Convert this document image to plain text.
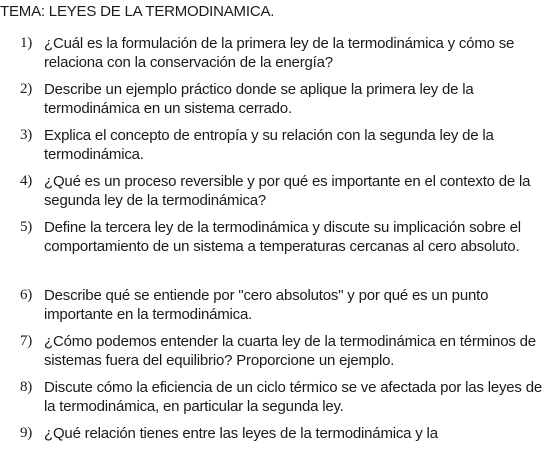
TEMA: LEYES DE LA TERMODINAMICA.
1) ¿Cuál es la formulación de la primera ley de la termodinámica y cómo se relaciona con la conservación de la energía?
2) Describe un ejemplo práctico donde se aplique la primera ley de la termodinámica en un sistema cerrado.
3) Explica el concepto de entropía y su relación con la segunda ley de la termodinámica.
4) ¿Qué es un proceso reversible y por qué es importante en el contexto de la segunda ley de la termodinámica?
5) Define la tercera ley de la termodinámica y discute su implicación sobre el comportamiento de un sistema a temperaturas cercanas al cero absoluto.
6) Describe qué se entiende por "cero absolutos" y por qué es un punto importante en la termodinámica.
7) ¿Cómo podemos entender la cuarta ley de la termodinámica en términos de sistemas fuera del equilibrio? Proporcione un ejemplo.
8) Discute cómo la eficiencia de un ciclo térmico se ve afectada por las leyes de la termodinámica, en particular la segunda ley.
9) ¿Qué relación tienes entre las leyes de la termodinámica y la
